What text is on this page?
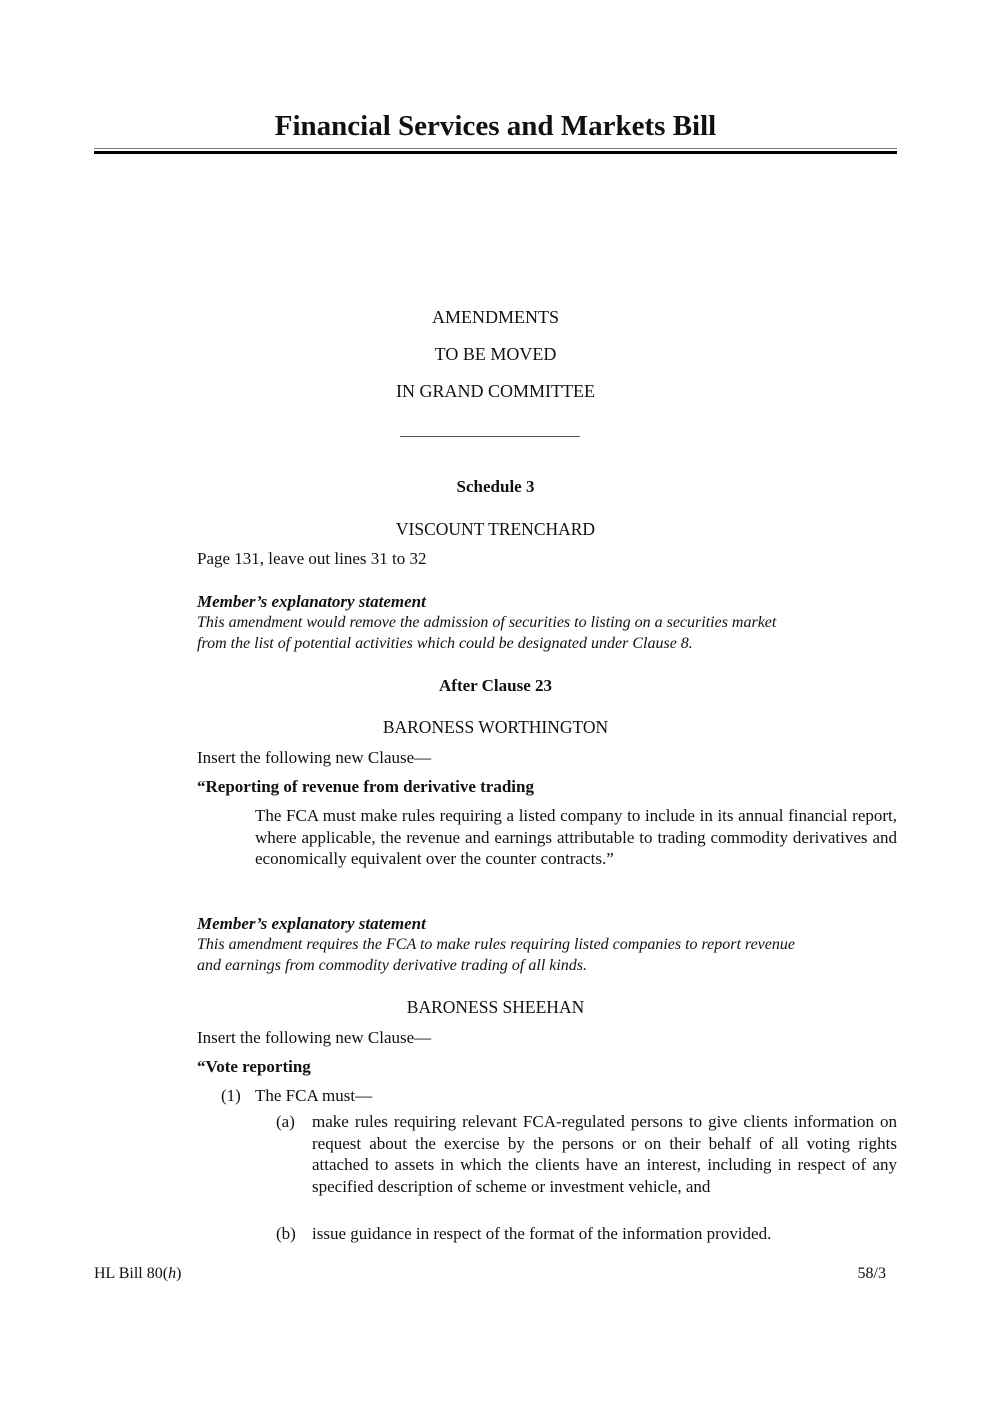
Financial Services and Markets Bill
AMENDMENTS
TO BE MOVED
IN GRAND COMMITTEE
Schedule 3
VISCOUNT TRENCHARD
Page 131, leave out lines 31 to 32
Member’s explanatory statement
This amendment would remove the admission of securities to listing on a securities market
from the list of potential activities which could be designated under Clause 8.
After Clause 23
BARONESS WORTHINGTON
Insert the following new Clause—
“Reporting of revenue from derivative trading
The FCA must make rules requiring a listed company to include in its annual financial report, where applicable, the revenue and earnings attributable to trading commodity derivatives and economically equivalent over the counter contracts.”
Member’s explanatory statement
This amendment requires the FCA to make rules requiring listed companies to report revenue
and earnings from commodity derivative trading of all kinds.
BARONESS SHEEHAN
Insert the following new Clause—
“Vote reporting
(1) The FCA must—
(a) make rules requiring relevant FCA-regulated persons to give clients information on request about the exercise by the persons or on their behalf of all voting rights attached to assets in which the clients have an interest, including in respect of any specified description of scheme or investment vehicle, and
(b) issue guidance in respect of the format of the information provided.
HL Bill 80(h)	58/3
